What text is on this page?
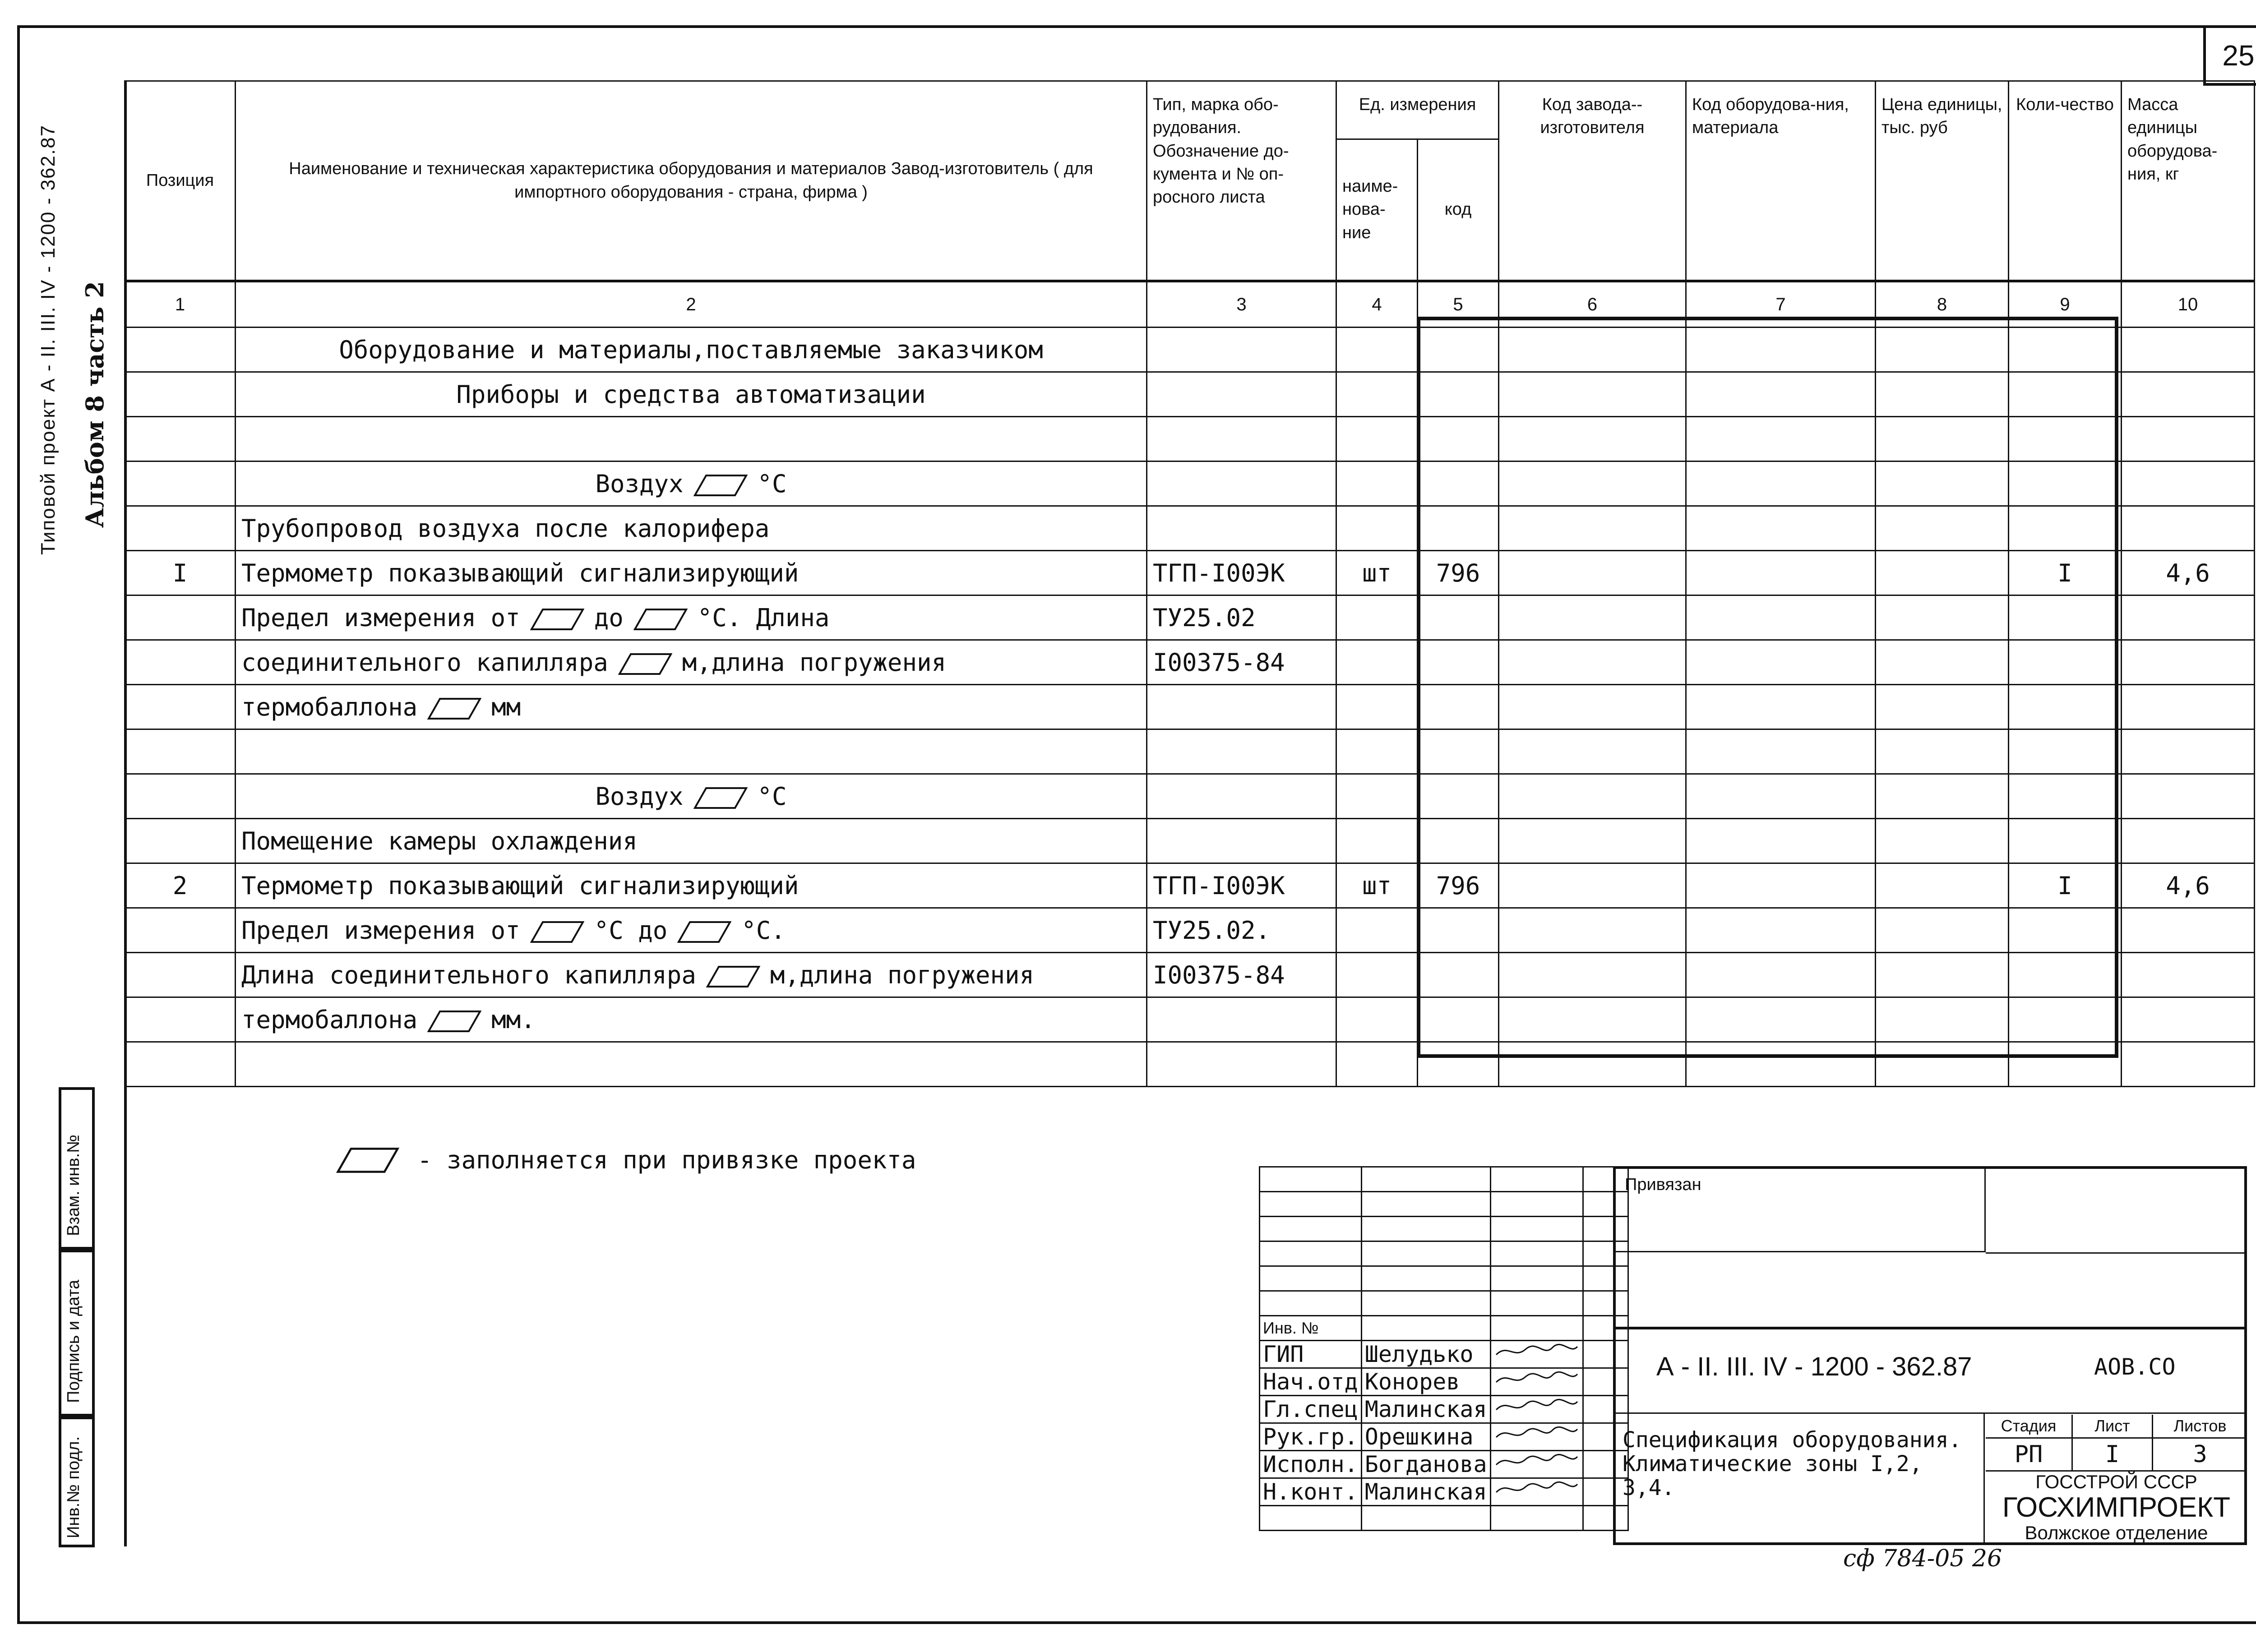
25
Типовой проект А - II. III. IV - 1200 - 362.87 Альбом 8 часть 2
Взам. инв.№
Подпись и дата
Инв.№ подл.
Позиция	Наименование и техническая характеристика оборудования и материалов Завод-изготовитель ( для импортного оборудования - страна, фирма )	Тип, марка обо-рудования. Обозначение до-кумента и № оп-росного листа	Ед. измерения		Код завода--изготовителя	Код оборудова-ния, материала	Цена единицы, тыс. руб	Коли-чество	Масса единицы оборудова-ния, кг
			наиме-нова-ние	код					
1	2	3	4	5	6	7	8	9	10
	Оборудование и материалы,поставляемые заказчиком								
	Приборы и средства автоматизации								

	Воздух °С								
	Трубопровод воздуха после калорифера								
I	Термометр показывающий сигнализирующий	ТГП-I00ЭК	шт	796				I	4,6
	Предел измерения от до °С. Длина	ТУ25.02							
	соединительного капилляра м,длина погружения	I00375-84							
	термобаллона мм								

	Воздух °С								
	Помещение камеры охлаждения								
2	Термометр показывающий сигнализирующий	ТГП-I00ЭК	шт	796				I	4,6
	Предел измерения от °С до °С.	ТУ25.02.							
	Длина соединительного капилляра м,длина погружения	I00375-84							
	термобаллона мм.								

- заполняется при привязке проекта

Инв. №			
ГИП	Шелудько		
Нач.отд	Конорев		
Гл.спец	Малинская		
Рук.гр.	Орешкина		
Исполн.	Богданова		
Н.конт.	Малинская		

Привязан
А - II. III. IV - 1200 - 362.87	АОВ.СО
Спецификация оборудования. Климатические зоны I,2, 3,4.
Стадия	Лист	Листов
РП	I	3
ГОССТРОЙ СССР
ГОСХИМПРОЕКТ
Волжское отделение
сф 784-05 26
